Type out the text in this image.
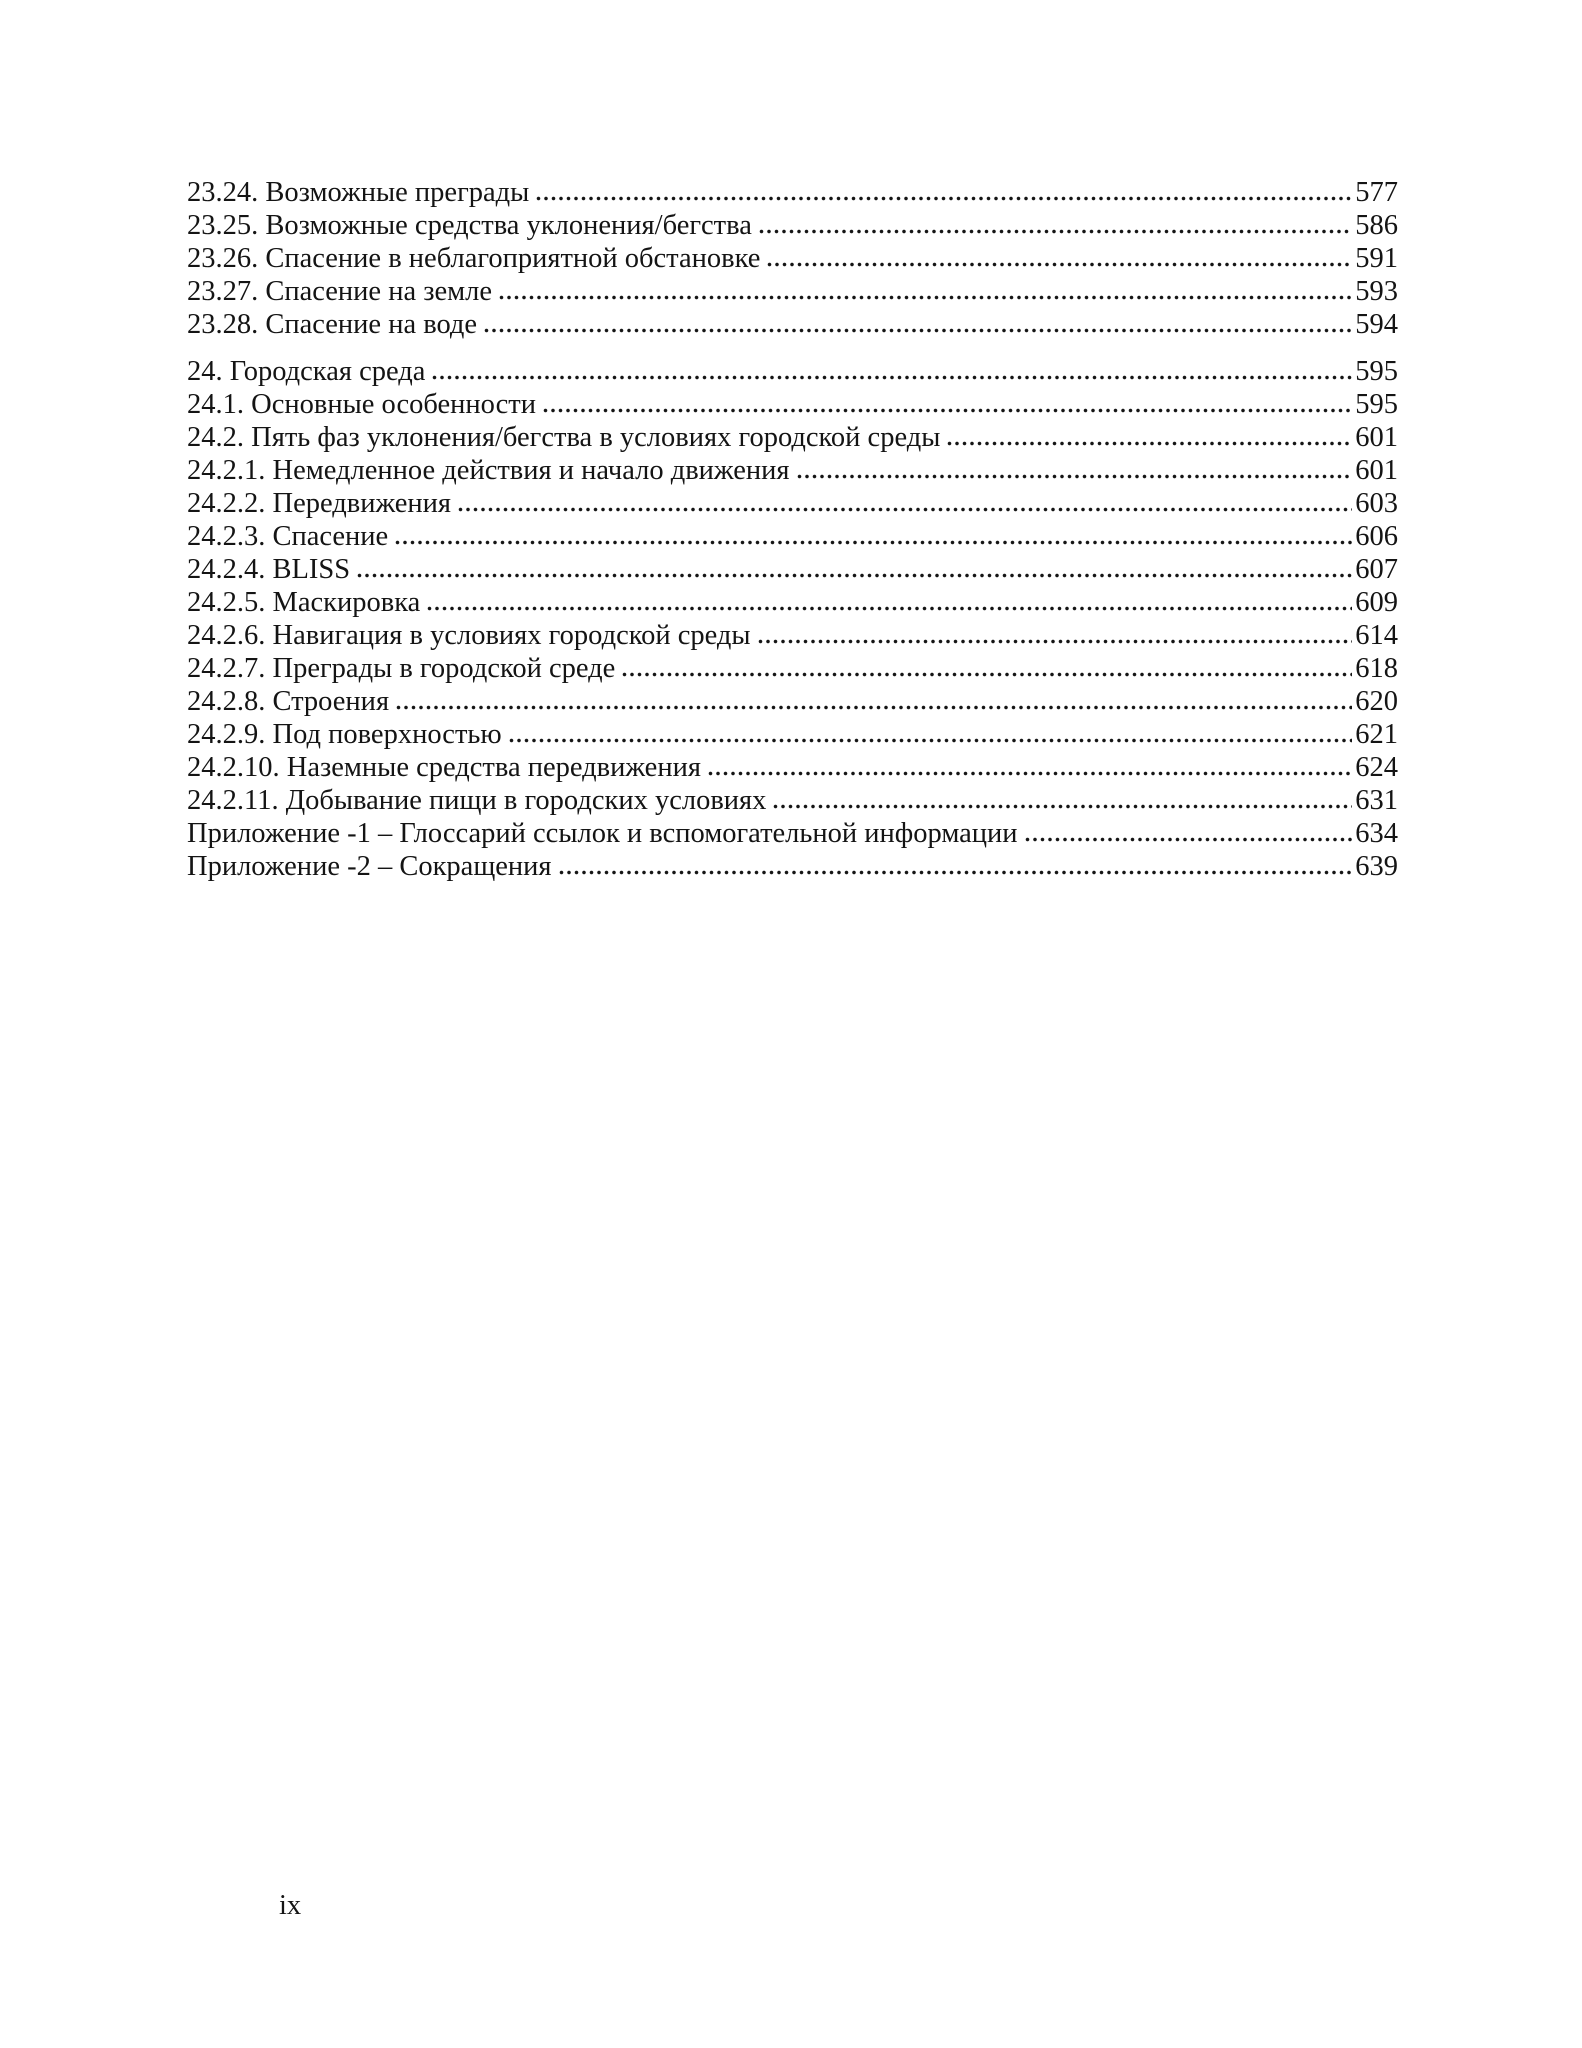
23.24. Возможные преграды	577
23.25. Возможные средства уклонения/бегства	586
23.26. Спасение в неблагоприятной обстановке	591
23.27. Спасение на земле	593
23.28. Спасение на воде	594
24. Городская среда	595
24.1. Основные особенности	595
24.2. Пять фаз уклонения/бегства в условиях городской среды	601
24.2.1. Немедленное действия и начало движения	601
24.2.2. Передвижения	603
24.2.3. Спасение	606
24.2.4. BLISS	607
24.2.5. Маскировка	609
24.2.6. Навигация в условиях городской среды	614
24.2.7. Преграды в городской среде	618
24.2.8. Строения	620
24.2.9. Под поверхностью	621
24.2.10. Наземные средства передвижения	624
24.2.11. Добывание пищи в городских условиях	631
Приложение -1 – Глоссарий ссылок и вспомогательной информации	634
Приложение -2 – Сокращения	639
ix
